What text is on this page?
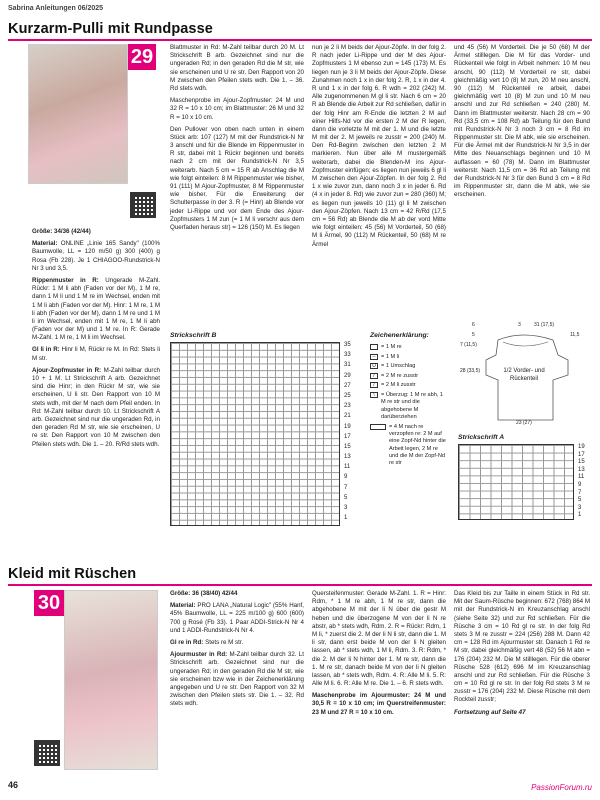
Sabrina Anleitungen 06/2025
Kurzarm-Pulli mit Rundpasse
29

Größe: 34/36 (42/44)

Material: ONLINE „Linie 165 Sandy" (100% Baumwolle, LL = 120 m/50 g) 300 (400) g Rosa (Fb 228). Je 1 CHIAGOO-Rundstrick-N Nr 3 und 3,5.

Rippenmuster in R: Ungerade M-Zahl. Rückr: 1 M li abh (Faden vor der M), 1 M re, dann 1 M li und 1 M re im Wechsel, enden mit 1 M li abh (Faden vor der M). Hinr: 1 M re, 1 M li abh (Faden vor der M), dann 1 M re und 1 M li im Wechsel, enden mit 1 M re, 1 M li abh (Faden vor der M) und 1 M re. In R: Gerade M-Zahl. 1 M re, 1 M li im Wechsel.

Gl li in R: Hinr li M, Rückr re M. In Rd: Stets li M str.

Ajour-Zopfmuster in R: M-Zahl teilbar durch 10 + 1 M. Lt Strickschrift A arb. Gezeichnet sind die Hinr; in den Rückr M str, wie sie erscheinen, U li str. Den Rapport von 10 M stets wdh, mit der M nach dem Pfeil enden. In Rd: M-Zahl teilbar durch 10. Lt Strickschrift A arb. Gezeichnet sind nur die ungeraden Rd, in den geraden Rd M str, wie sie erscheinen, U re str. Den Rapport von 10 M zwischen den Pfeilen stets wdh. Die 1. – 20. R/Rd stets wdh.

Blattmuster in Rd: M-Zahl teilbar durch 20 M. Lt Strickschrift B arb. Gezeichnet sind nur die ungeraden Rd; in den geraden Rd die M str, wie sie erscheinen und U re str. Den Rapport von 20 M zwischen den Pfeilen stets wdh. Die 1. – 36. Rd stets wdh.

Maschenprobe im Ajour-Zopfmuster: 24 M und 32 R = 10 x 10 cm; im Blattmuster: 26 M und 32 R = 10 x 10 cm.

Den Pullover von oben nach unten in einem Stück arb: 107 (127) M mit der Rundstrick-N Nr 3 anschl und für die Blende im Rippenmuster in R str, dabei mit 1 Rückr beginnen und bereits nach 2 cm mit der Rundstrick-N Nr 3,5 weiterarb. Nach 5 cm = 15 R ab Anschlag die M wie folgt einteilen: 8 M Rippenmuster wie bisher, 91 (111) M Ajour-Zopfmuster, 8 M Rippenmuster wie bisher. Für die Erweiterung der Schulterpasse in der 3. R (= Hinr) ab Blende vor jeder Li-Rippe und vor dem Ende des Ajour-Zopfmusters 1 M zun (= 1 M li verschr aus dem Querfaden heraus str) = 126 (150) M. Es liegen

nun je 2 li M beids der Ajour-Zöpfe. In der folg 2. R nach jeder Li-Rippe und der M des Ajour-Zopfmusters 1 M ebenso zun = 145 (173) M. Es liegen nun je 3 li M beids der Ajour-Zöpfe. Diese Zunahmen noch 1 x in der folg 2. R, 1 x in der 4. R und 1 x in der folg 6. R wdh = 202 (242) M. Alle zugenommenen M gl li str. Nach 6 cm = 20 R ab Blende die Arbeit zur Rd schließen, dafür in der folg Hinr am R-Ende die letzten 2 M auf einer Hilfs-Nd vor die ersten 2 M der R legen, dann die vorletzte M mit der 1. M und die letzte M mit der 2. M jeweils re zusstr = 200 (240) M. Den Rd-Beginn zwischen den letzten 2 M markieren. Nun über alle M mustergemäß weiterarb, dabei die Blenden-M ins Ajour-Zopfmuster einfügen; es liegen nun jeweils 6 gl li M zwischen den Ajour-Zöpfen. In der folg 2. Rd 1 x wie zuvor zun, dann noch 3 x in jeder 6. Rd (4 x in jeder 8. Rd) wie zuvor zun = 280 (360) M; es liegen nun jeweils 10 (11) gl li M zwischen den Ajour-Zöpfen. Nach 13 cm = 42 R/Rd (17,5 cm = 56 Rd) ab Blende die M ab der vord Mitte wie folgt einteilen: 45 (56) M Vorderteil, 50 (68) M li Ärmel, 90 (112) M Rückenteil, 50 (68) M re Ärmel

und 45 (56) M Vorderteil. Die je 50 (68) M der Ärmel stilllegen. Die M für das Vorder- und Rückenteil wie folgt in Arbeit nehmen: 10 M neu anschl, 90 (112) M Vorderteil re str, dabei gleichmäßig vert 10 (8) M zun, 20 M neu anschl, 90 (112) M Rückenteil re arbeit, dabei gleichmäßig vert 10 (8) M zun und 10 M neu anschl und zur Rd schließen = 240 (280) M. Dann im Blattmuster weiterstr. Nach 28 cm = 90 Rd (33,5 cm = 108 Rd) ab Teilung für den Bund mit Rundstrick-N Nr 3 noch 3 cm = 8 Rd im Rippenmuster str. Die M abk, wie sie erscheinen. Für die Ärmel mit der Rundstrick-N Nr 3,5 in der Mitte des Neuanschlags beginnen und 10 M auffassen = 60 (78) M. Dann im Blattmuster weiterstr. Nach 11,5 cm = 36 Rd ab Teilung mit der Rundstrick-N Nr 3 für den Bund 3 cm = 8 Rd im Rippenmuster str, dann die M abk, wie sie erscheinen.

1/2 Vorder- und Rückenteil
28 (33,5)
23 (27)
11,5
6
5
7 (11,5)
3	31 (17,5)
Strickschrift B
35
33
31
29
27
25
23
21
19
17
15
13
11
9
7
5
3
1
Zeichenerklärung:
= 1 M re
–	= 1 M li
U = 1 Umschlag
/	= 2 M re zusstr
/	= 2 M li zusstr
\	= Überzug: 1 M re abh, 1 M re str und die abgehobene M darüberziehen
= 4 M nach re verzopfen re: 2 M auf eine Zopf-Nd hinter die Arbeit legen, 2 M re und die M der Zopf-Nd re str
Strickschrift A
19
17
15
13
11
9
7
5
3
1
Kleid mit Rüschen
30	Größe: 36 (38/40) 42/44

Material: PRO LANA „Natural Logic" (55% Hanf, 45% Baumwolle, LL = 225 m/100 g) 600 (600) 700 g Rosé (Fb 33). 1 Paar ADDI-Strick-N Nr 4 und 1 ADDI-Rundstrick-N Nr 4.

Gl re in Rd: Stets re M str.

Ajourmuster in Rd: M-Zahl teilbar durch 32. Lt Strickschrift arb. Gezeichnet sind nur die ungeraden Rd; in den geraden Rd die M str, wie sie erscheinen bzw wie in der Zeichenerklärung angegeben und U re str. Den Rapport von 32 M zwischen den Pfeilen stets str. Die 1. – 32. Rd stets wdh.

Quersteifenmuster: Gerade M-Zahl. 1. R = Hinr: Rdm, * 1 M re abh, 1 M re str, dann die abgehobene M mit der li N über die gestr M heben und die überzogene M von der li N re abstr, ab * stets wdh, Rdm. 2. R = Rückr: Rdm, 1 M li, * zuerst die 2. M der li N li str, dann die 1. M li str, dann erst beide M von der li N gleiten lassen, ab * stets wdh, 1 M li, Rdm. 3. R: Rdm, * die 2. M der li N hinter der 1. M re str, dann die 1. M re str, danach beide M von der li N gleiten lassen, ab * stets wdh, Rdm. 4. R: Alle M li. 5. R: Alle M li. 6. R: Alle M re. Die 1. – 6. R stets wdh.

Maschenprobe im Ajourmuster: 24 M und 30,5 R = 10 x 10 cm; im Querstreifenmuster: 23 M und 27 R = 10 x 10 cm.

Das Kleid bis zur Taille in einem Stück in Rd str. Mit der Saum-Rüsche beginnen: 672 (768) 864 M mit der Rundstrick-N im Kreuzanschlag anschl (siehe Seite 32) und zur Rd schließen. Für die Rüsche 3 cm = 10 Rd gl re str. In der folg Rd stets 3 M re zusstr = 224 (256) 288 M. Dann 42 cm = 128 Rd im Ajourmuster str. Danach 1 Rd re M str, dabei gleichmäßig vert 48 (52) 56 M abn = 176 (204) 232 M. Die M stilllegen. Für die oberer Rüsche 528 (612) 696 M im Kreuzanschlag anschl und zur Rd schließen. Für die Rüsche 3 cm = 10 Rd gl re str. In der folg Rd stets 3 M re zusstr = 176 (204) 232 M. Diese Rüsche mit dem Rockteil zusstr;

Fortsetzung auf Seite 47

46	PassionForum.ru
